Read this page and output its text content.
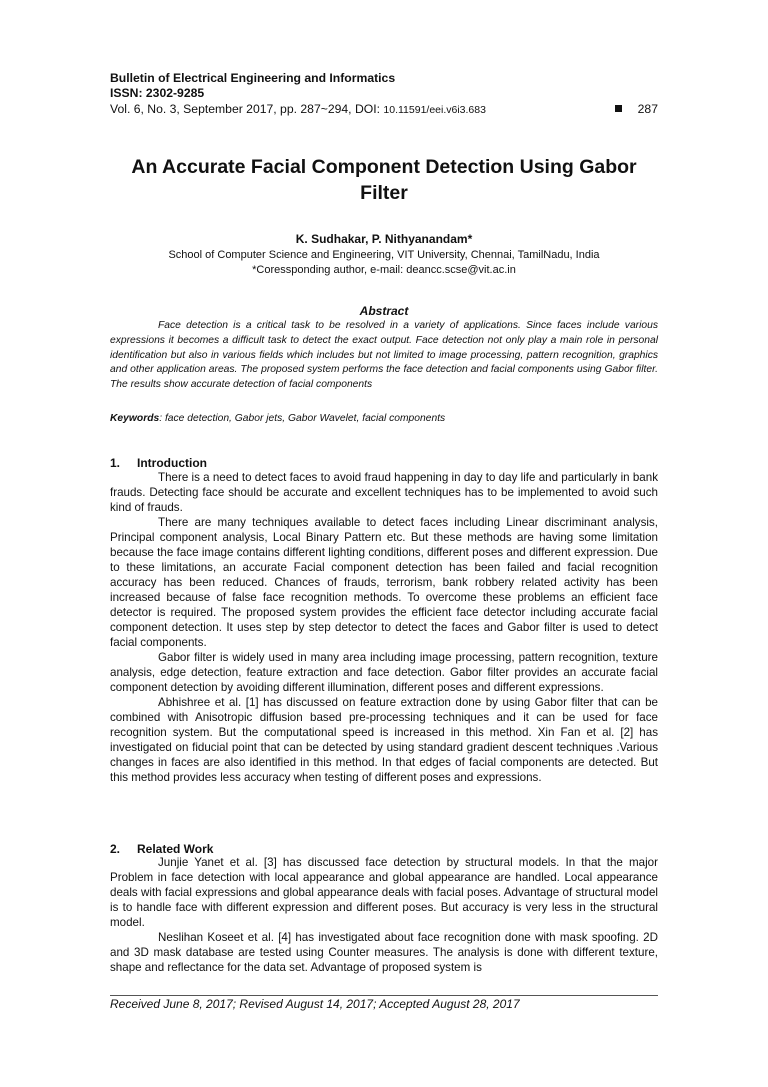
Bulletin of Electrical Engineering and Informatics
ISSN: 2302-9285
Vol. 6, No. 3, September 2017, pp. 287~294, DOI: 10.11591/eei.v6i3.683	287
An Accurate Facial Component Detection Using Gabor Filter
K. Sudhakar, P. Nithyanandam*
School of Computer Science and Engineering, VIT University, Chennai, TamilNadu, India
*Coressponding author, e-mail: deancc.scse@vit.ac.in
Abstract
Face detection is a critical task to be resolved in a variety of applications. Since faces include various expressions it becomes a difficult task to detect the exact output. Face detection not only play a main role in personal identification but also in various fields which includes but not limited to image processing, pattern recognition, graphics and other application areas. The proposed system performs the face detection and facial components using Gabor filter. The results show accurate detection of facial components
Keywords: face detection, Gabor jets, Gabor Wavelet, facial components
1. Introduction

There is a need to detect faces to avoid fraud happening in day to day life and particularly in bank frauds. Detecting face should be accurate and excellent techniques has to be implemented to avoid such kind of frauds.

There are many techniques available to detect faces including Linear discriminant analysis, Principal component analysis, Local Binary Pattern etc. But these methods are having some limitation because the face image contains different lighting conditions, different poses and different expression. Due to these limitations, an accurate Facial component detection has been failed and facial recognition accuracy has been reduced. Chances of frauds, terrorism, bank robbery related activity has been increased because of false face recognition methods. To overcome these problems an efficient face detector is required. The proposed system provides the efficient face detector including accurate facial component detection. It uses step by step detector to detect the faces and Gabor filter is used to detect facial components.

Gabor filter is widely used in many area including image processing, pattern recognition, texture analysis, edge detection, feature extraction and face detection. Gabor filter provides an accurate facial component detection by avoiding different illumination, different poses and different expressions.

Abhishree et al. [1] has discussed on feature extraction done by using Gabor filter that can be combined with Anisotropic diffusion based pre-processing techniques and it can be used for face recognition system. But the computational speed is increased in this method. Xin Fan et al. [2] has investigated on fiducial point that can be detected by using standard gradient descent techniques .Various changes in faces are also identified in this method. In that edges of facial components are detected. But this method provides less accuracy when testing of different poses and expressions.

2. Related Work

Junjie Yanet et al. [3] has discussed face detection by structural models. In that the major Problem in face detection with local appearance and global appearance are handled. Local appearance deals with facial expressions and global appearance deals with facial poses. Advantage of structural model is to handle face with different expression and different poses. But accuracy is very less in the structural model.

Neslihan Koseet et al. [4] has investigated about face recognition done with mask spoofing. 2D and 3D mask database are tested using Counter measures. The analysis is done with different texture, shape and reflectance for the data set. Advantage of proposed system is

Received June 8, 2017; Revised August 14, 2017; Accepted August 28, 2017
